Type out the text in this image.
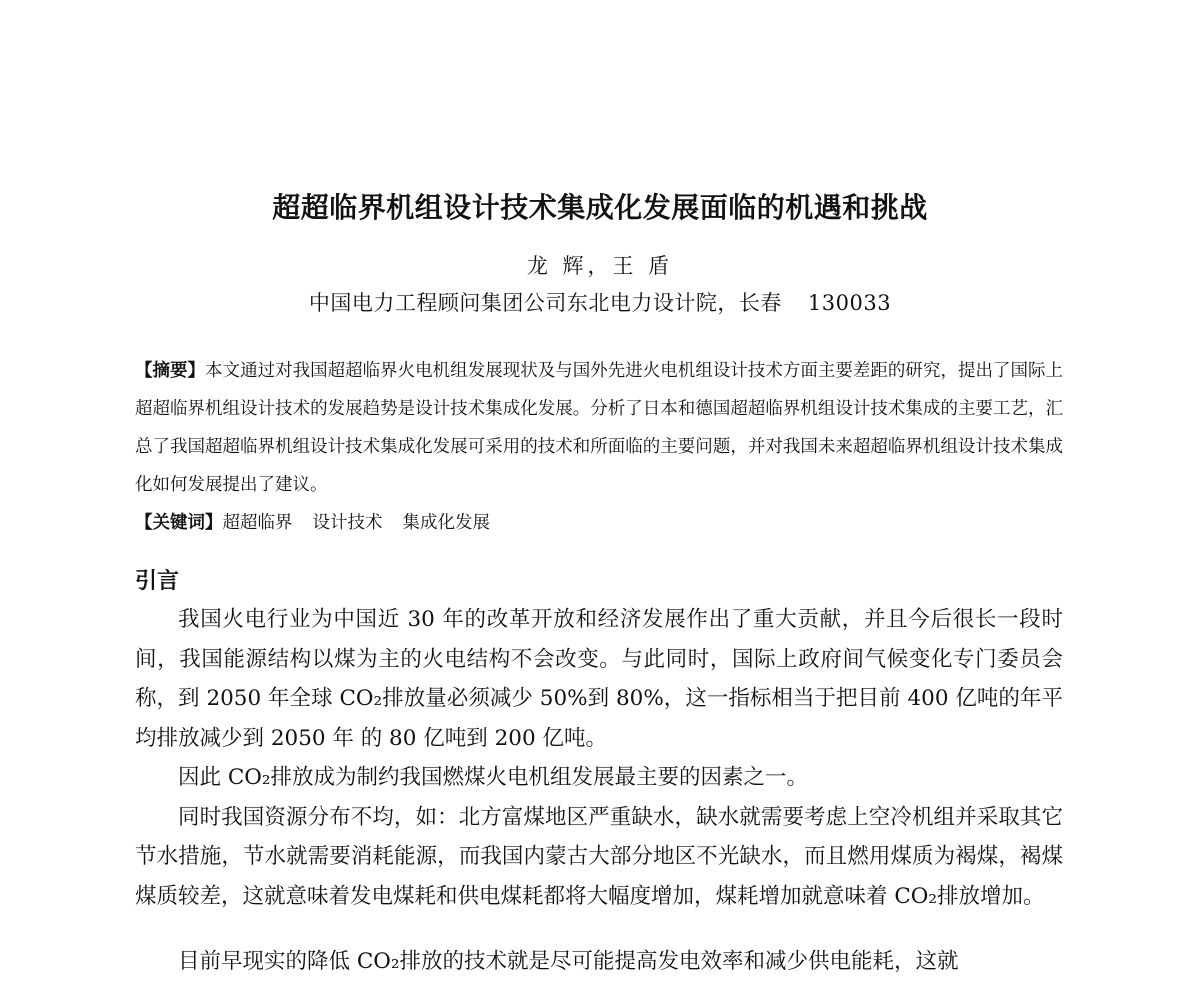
超超临界机组设计技术集成化发展面临的机遇和挑战
龙 辉，王 盾
中国电力工程顾问集团公司东北电力设计院，长春 130033

【摘要】本文通过对我国超超临界火电机组发展现状及与国外先进火电机组设计技术方面主要差距的研究，提出了国际上超超临界机组设计技术的发展趋势是设计技术集成化发展。分析了日本和德国超超临界机组设计技术集成的主要工艺，汇总了我国超超临界机组设计技术集成化发展可采用的技术和所面临的主要问题，并对我国未来超超临界机组设计技术集成化如何发展提出了建议。

【关键词】超超临界 设计技术 集成化发展

引言

我国火电行业为中国近 30 年的改革开放和经济发展作出了重大贡献，并且今后很长一段时间，我国能源结构以煤为主的火电结构不会改变。与此同时，国际上政府间气候变化专门委员会称，到 2050 年全球 CO₂排放量必须减少 50%到 80%，这一指标相当于把目前 400 亿吨的年平均排放减少到 2050 年 的 80 亿吨到 200 亿吨。

因此 CO₂排放成为制约我国燃煤火电机组发展最主要的因素之一。

同时我国资源分布不均，如：北方富煤地区严重缺水，缺水就需要考虑上空冷机组并采取其它节水措施，节水就需要消耗能源，而我国内蒙古大部分地区不光缺水，而且燃用煤质为褐煤，褐煤煤质较差，这就意味着发电煤耗和供电煤耗都将大幅度增加，煤耗增加就意味着 CO₂排放增加。

目前早现实的降低 CO₂排放的技术就是尽可能提高发电效率和减少供电能耗，这就
